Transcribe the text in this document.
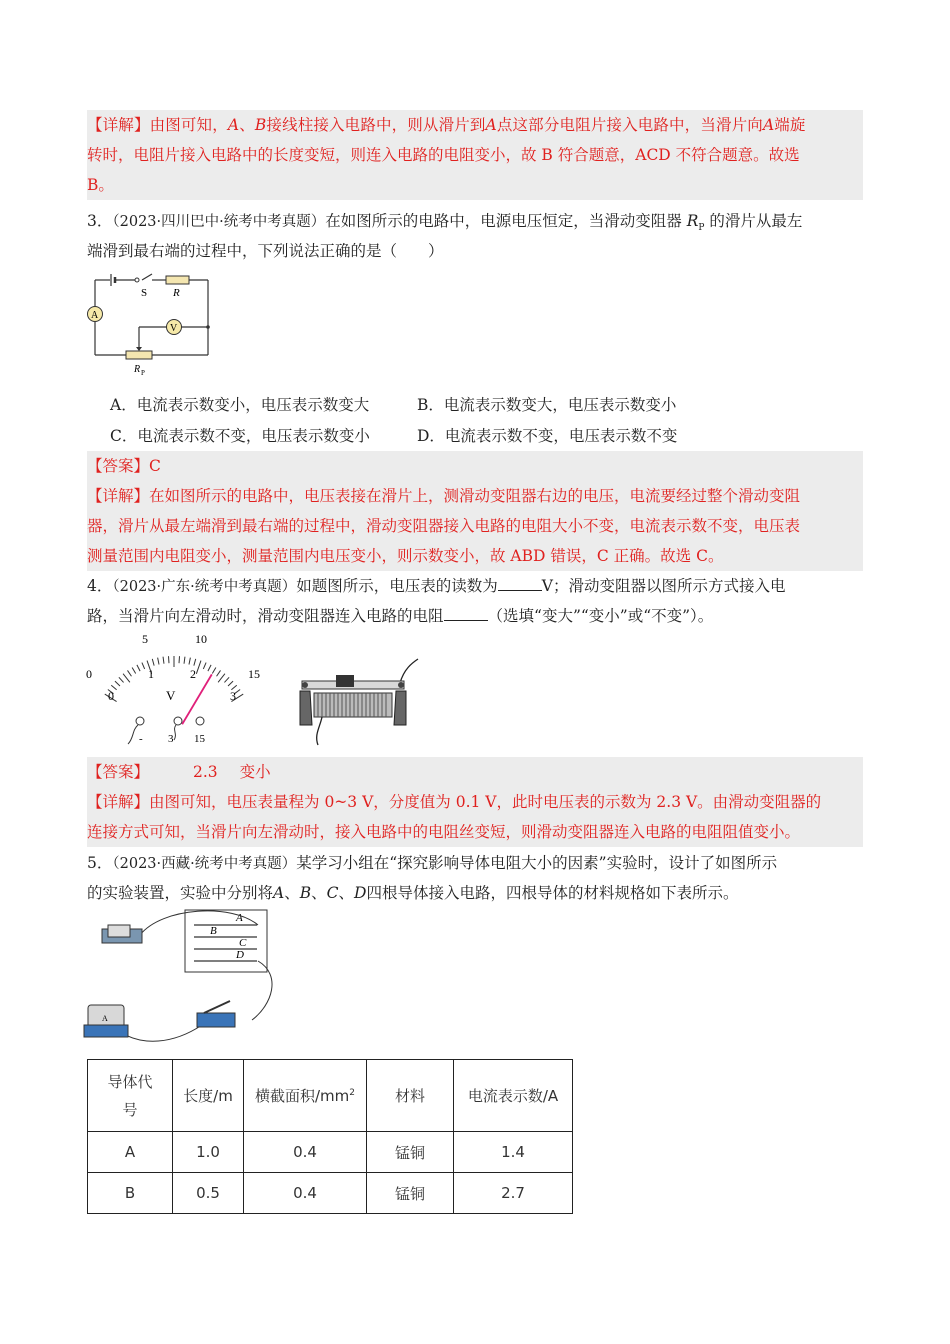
【详解】由图可知，A、B接线柱接入电路中，则从滑片到A点这部分电阻片接入电路中，当滑片向A端旋
转时，电阻片接入电路中的长度变短，则连入电路的电阻变小，故 B 符合题意，ACD 不符合题意。故选
B。
3．（2023·四川巴中·统考中考真题）在如图所示的电路中，电源电压恒定，当滑动变阻器 $R_P$ 的滑片从最左
端滑到最右端的过程中，下列说法正确的是（　　）
S R
A
V
R P
A．电流表示数变小，电压表示数变大	B．电流表示数变大，电压表示数变小
C．电流表示数不变，电压表示数变小	D．电流表示数不变，电压表示数不变
【答案】C
【详解】在如图所示的电路中，电压表接在滑片上，测滑动变阻器右边的电压，电流要经过整个滑动变阻
器，滑片从最左端滑到最右端的过程中，滑动变阻器接入电路的电阻大小不变，电流表示数不变，电压表
测量范围内电阻变小，测量范围内电压变小，则示数变小，故 ABD 错误，C 正确。故选 C。
4．（2023·广东·统考中考真题）如题图所示，电压表的读数为	V；滑动变阻器以图所示方式接入电
路，当滑片向左滑动时，滑动变阻器连入电路的电阻	（选填“变大”“变小”或“不变”）。
0
5	10
15
0
1	2
3
V
- 3 15
【答案】	2.3 变小
【详解】由图可知，电压表量程为 0~3 V，分度值为 0.1 V，此时电压表的示数为 2.3 V。由滑动变阻器的
连接方式可知，当滑片向左滑动时，接入电路中的电阻丝变短，则滑动变阻器连入电路的电阻阻值变小。
5．（2023·西藏·统考中考真题）某学习小组在“探究影响导体电阻大小的因素”实验时，设计了如图所示
的实验装置，实验中分别将A、B、C、D四根导体接入电路，四根导体的材料规格如下表所示。
A
B
C
D
A
导体代
号	长度/m	横截面积$/mm^2$	材料	电流表示数/A
A	1.0	0.4	锰铜	1.4
B	0.5	0.4	锰铜	2.7
